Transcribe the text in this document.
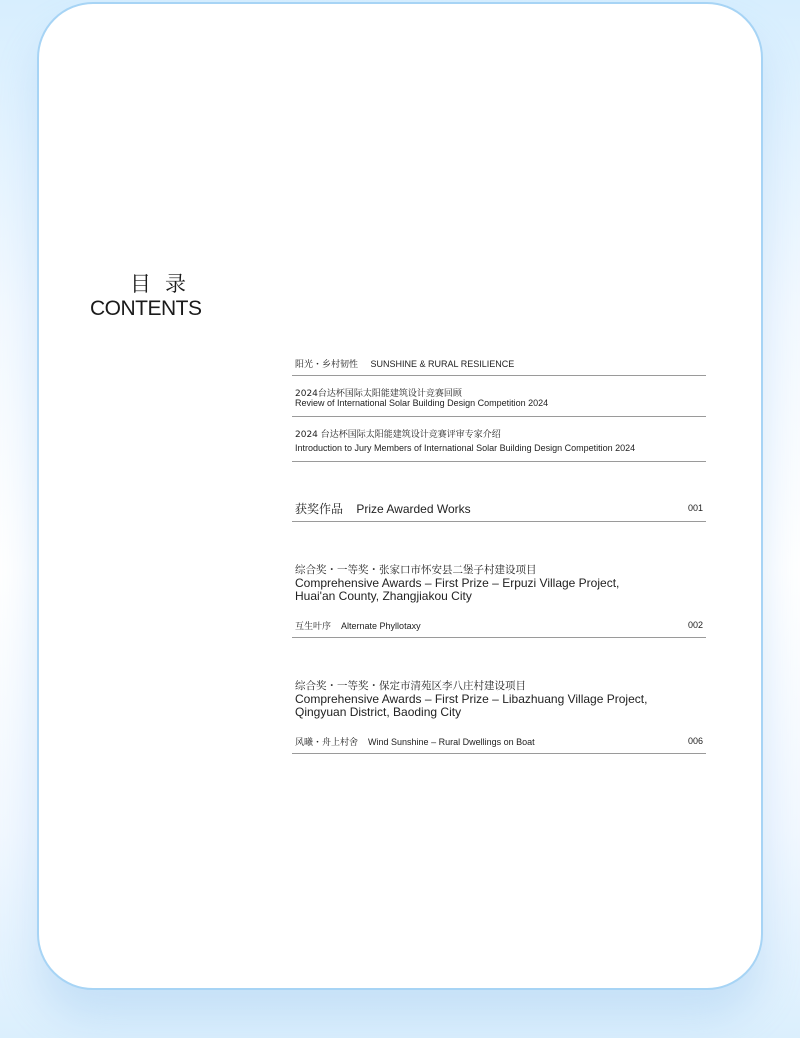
目录
CONTENTS
阳光・乡村韧性 SUNSHINE & RURAL RESILIENCE
2024台达杯国际太阳能建筑设计竞赛回顾
Review of International Solar Building Design Competition 2024
2024 台达杯国际太阳能建筑设计竞赛评审专家介绍
Introduction to Jury Members of International Solar Building Design Competition 2024
获奖作品 Prize Awarded Works	001
综合奖・一等奖・张家口市怀安县二堡子村建设项目
Comprehensive Awards – First Prize – Erpuzi Village Project,
Huai'an County, Zhangjiakou City
互生叶序 Alternate Phyllotaxy	002
综合奖・一等奖・保定市清苑区李八庄村建设项目
Comprehensive Awards – First Prize – Libazhuang Village Project,
Qingyuan District, Baoding City
风曦・舟上村舍 Wind Sunshine – Rural Dwellings on Boat	006
